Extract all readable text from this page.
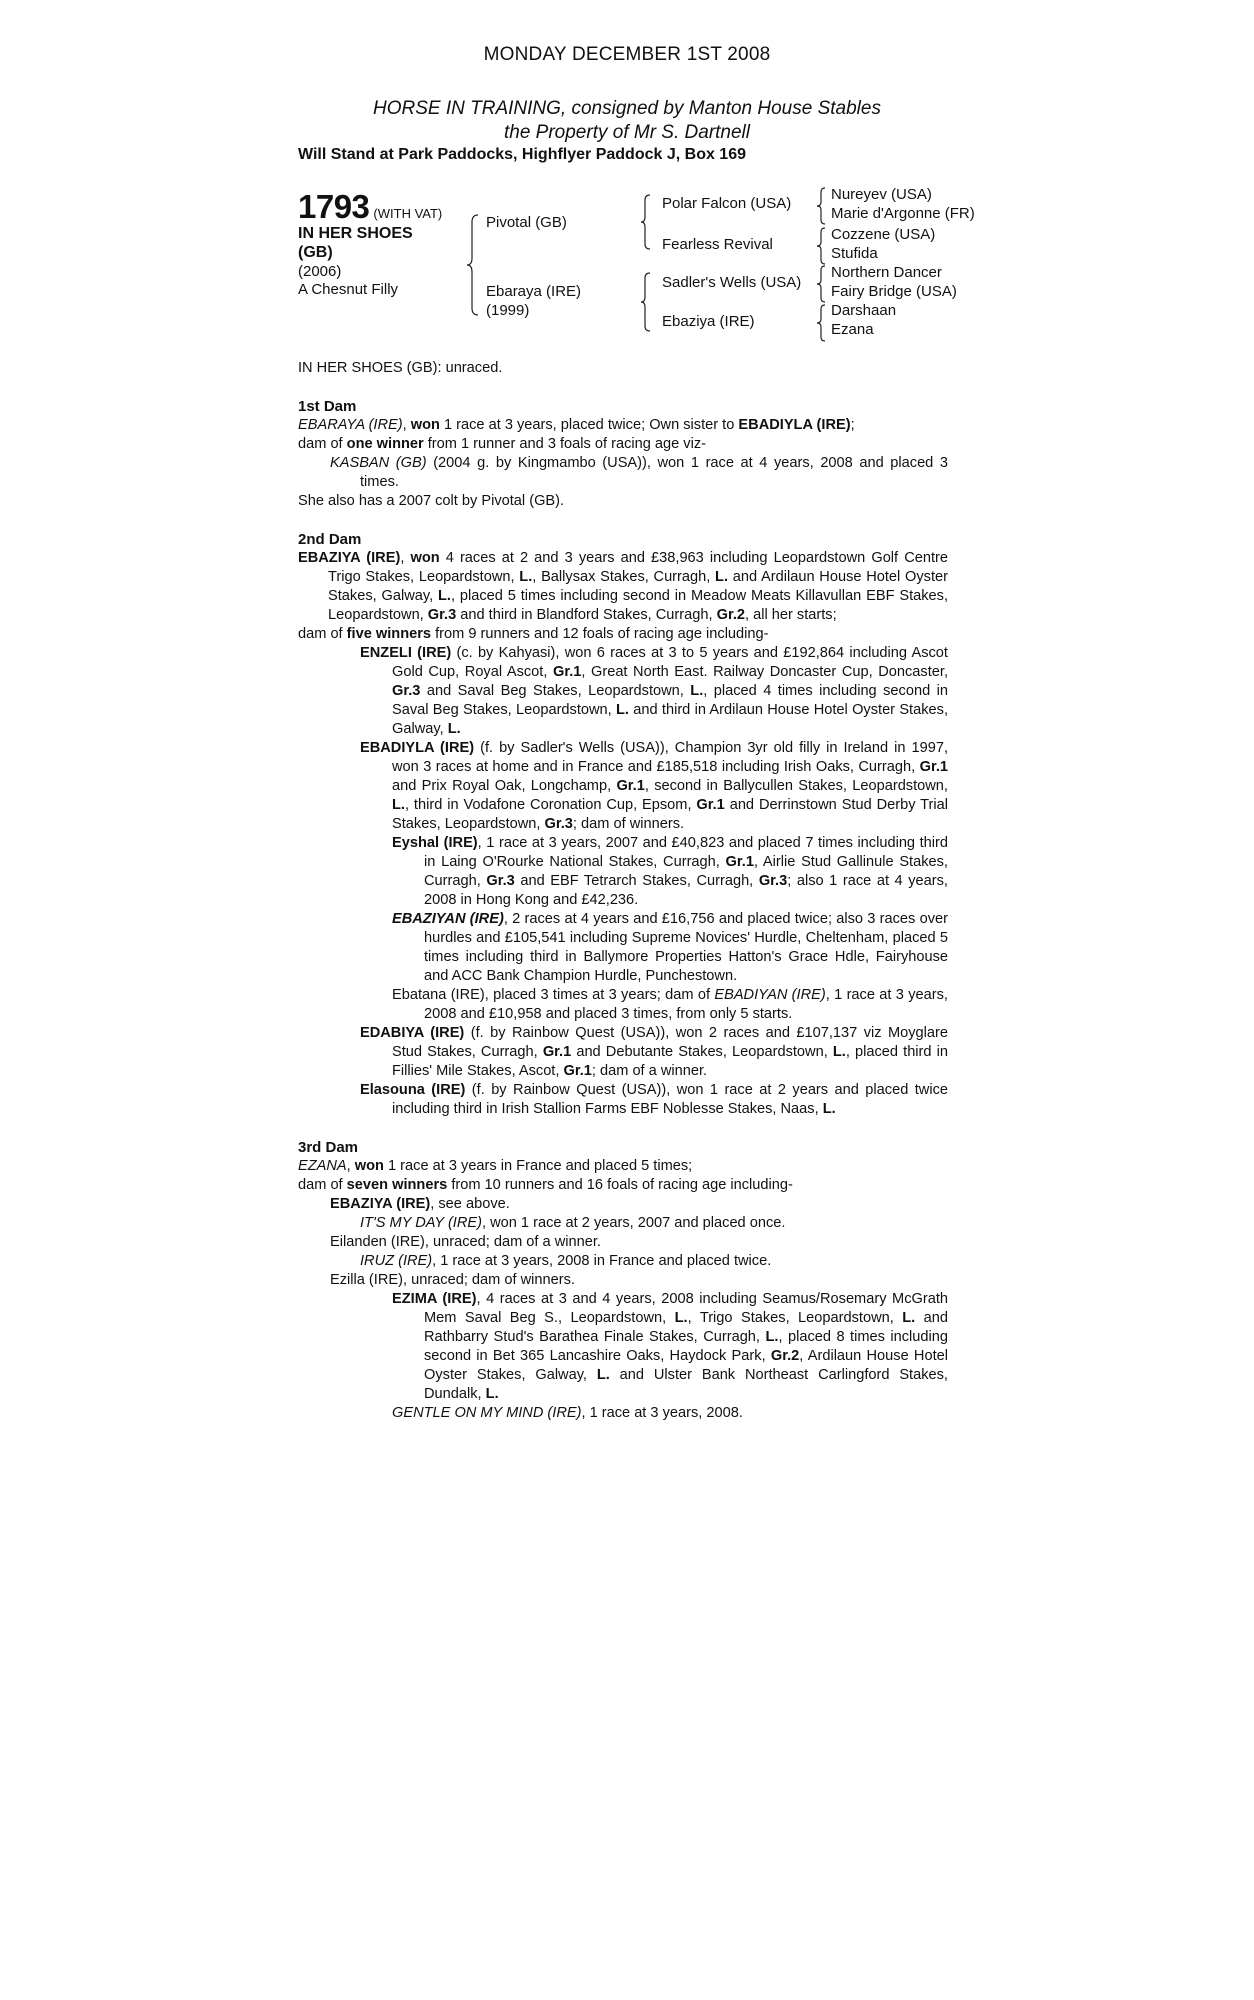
MONDAY DECEMBER 1ST 2008
HORSE IN TRAINING, consigned by Manton House Stables
the Property of Mr S. Dartnell
Will Stand at Park Paddocks, Highflyer Paddock J, Box 169
1793 (WITH VAT)
IN HER SHOES
(GB)
(2006)
A Chesnut Filly
Pivotal (GB)
Ebaraya (IRE)
(1999)
Polar Falcon (USA)
Fearless Revival
Sadler's Wells (USA)
Ebaziya (IRE)
Nureyev (USA)
Marie d'Argonne (FR)
Cozzene (USA)
Stufida
Northern Dancer
Fairy Bridge (USA)
Darshaan
Ezana

IN HER SHOES (GB): unraced.

1st Dam

EBARAYA (IRE), won 1 race at 3 years, placed twice; Own sister to EBADIYLA (IRE);

dam of one winner from 1 runner and 3 foals of racing age viz-

KASBAN (GB) (2004 g. by Kingmambo (USA)), won 1 race at 4 years, 2008 and placed 3 times.

She also has a 2007 colt by Pivotal (GB).

2nd Dam

EBAZIYA (IRE), won 4 races at 2 and 3 years and £38,963 including Leopardstown Golf Centre Trigo Stakes, Leopardstown, L., Ballysax Stakes, Curragh, L. and Ardilaun House Hotel Oyster Stakes, Galway, L., placed 5 times including second in Meadow Meats Killavullan EBF Stakes, Leopardstown, Gr.3 and third in Blandford Stakes, Curragh, Gr.2, all her starts;

dam of five winners from 9 runners and 12 foals of racing age including-

ENZELI (IRE) (c. by Kahyasi), won 6 races at 3 to 5 years and £192,864 including Ascot Gold Cup, Royal Ascot, Gr.1, Great North East. Railway Doncaster Cup, Doncaster, Gr.3 and Saval Beg Stakes, Leopardstown, L., placed 4 times including second in Saval Beg Stakes, Leopardstown, L. and third in Ardilaun House Hotel Oyster Stakes, Galway, L.

EBADIYLA (IRE) (f. by Sadler's Wells (USA)), Champion 3yr old filly in Ireland in 1997, won 3 races at home and in France and £185,518 including Irish Oaks, Curragh, Gr.1 and Prix Royal Oak, Longchamp, Gr.1, second in Ballycullen Stakes, Leopardstown, L., third in Vodafone Coronation Cup, Epsom, Gr.1 and Derrinstown Stud Derby Trial Stakes, Leopardstown, Gr.3; dam of winners.

Eyshal (IRE), 1 race at 3 years, 2007 and £40,823 and placed 7 times including third in Laing O'Rourke National Stakes, Curragh, Gr.1, Airlie Stud Gallinule Stakes, Curragh, Gr.3 and EBF Tetrarch Stakes, Curragh, Gr.3; also 1 race at 4 years, 2008 in Hong Kong and £42,236.

EBAZIYAN (IRE), 2 races at 4 years and £16,756 and placed twice; also 3 races over hurdles and £105,541 including Supreme Novices' Hurdle, Cheltenham, placed 5 times including third in Ballymore Properties Hatton's Grace Hdle, Fairyhouse and ACC Bank Champion Hurdle, Punchestown.

Ebatana (IRE), placed 3 times at 3 years; dam of EBADIYAN (IRE), 1 race at 3 years, 2008 and £10,958 and placed 3 times, from only 5 starts.

EDABIYA (IRE) (f. by Rainbow Quest (USA)), won 2 races and £107,137 viz Moyglare Stud Stakes, Curragh, Gr.1 and Debutante Stakes, Leopardstown, L., placed third in Fillies' Mile Stakes, Ascot, Gr.1; dam of a winner.

Elasouna (IRE) (f. by Rainbow Quest (USA)), won 1 race at 2 years and placed twice including third in Irish Stallion Farms EBF Noblesse Stakes, Naas, L.

3rd Dam

EZANA, won 1 race at 3 years in France and placed 5 times;

dam of seven winners from 10 runners and 16 foals of racing age including-

EBAZIYA (IRE), see above.

IT'S MY DAY (IRE), won 1 race at 2 years, 2007 and placed once.

Eilanden (IRE), unraced; dam of a winner.

IRUZ (IRE), 1 race at 3 years, 2008 in France and placed twice.

Ezilla (IRE), unraced; dam of winners.

EZIMA (IRE), 4 races at 3 and 4 years, 2008 including Seamus/Rosemary McGrath Mem Saval Beg S., Leopardstown, L., Trigo Stakes, Leopardstown, L. and Rathbarry Stud's Barathea Finale Stakes, Curragh, L., placed 8 times including second in Bet 365 Lancashire Oaks, Haydock Park, Gr.2, Ardilaun House Hotel Oyster Stakes, Galway, L. and Ulster Bank Northeast Carlingford Stakes, Dundalk, L.

GENTLE ON MY MIND (IRE), 1 race at 3 years, 2008.
